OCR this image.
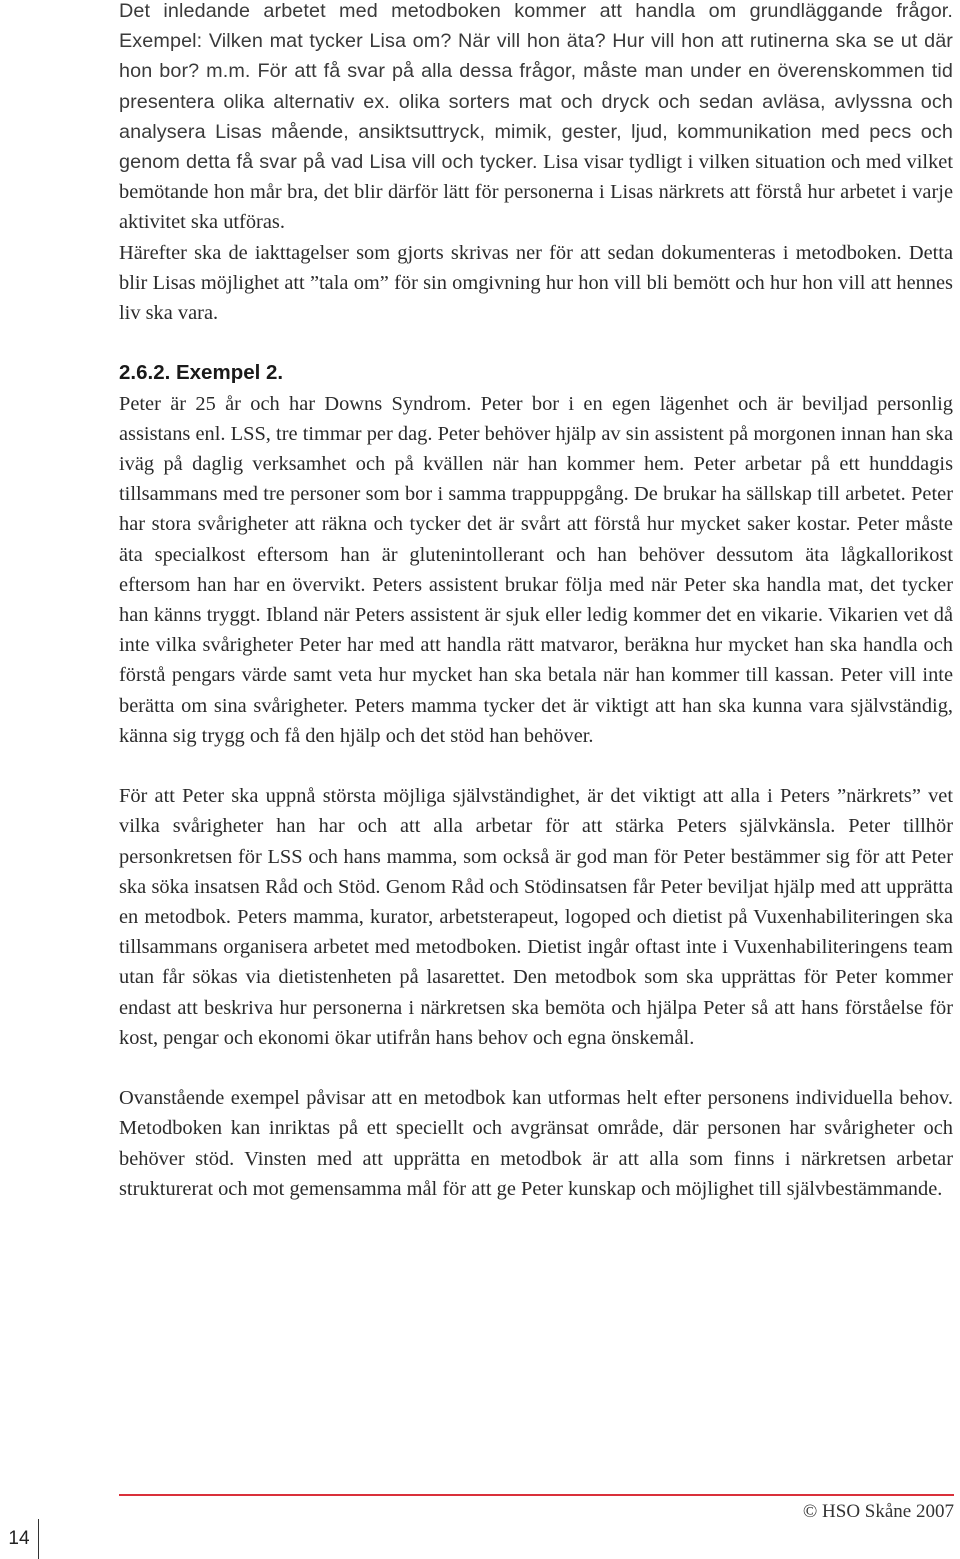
Det inledande arbetet med metodboken kommer att handla om grundläggande frågor. Exempel: Vilken mat tycker Lisa om? När vill hon äta? Hur vill hon att rutinerna ska se ut där hon bor? m.m. För att få svar på alla dessa frågor, måste man under en överenskommen tid presentera olika alternativ ex. olika sorters mat och dryck och sedan avläsa, avlyssna och analysera Lisas mående, ansiktsuttryck, mimik, gester, ljud, kommunikation med pecs och genom detta få svar på vad Lisa vill och tycker. Lisa visar tydligt i vilken situation och med vilket bemötande hon mår bra, det blir därför lätt för personerna i Lisas närkrets att förstå hur arbetet i varje aktivitet ska utföras.

Härefter ska de iakttagelser som gjorts skrivas ner för att sedan dokumenteras i metodboken. Detta blir Lisas möjlighet att ”tala om” för sin omgivning hur hon vill bli bemött och hur hon vill att hennes liv ska vara.

2.6.2. Exempel 2.

Peter är 25 år och har Downs Syndrom. Peter bor i en egen lägenhet och är beviljad personlig assistans enl. LSS, tre timmar per dag. Peter behöver hjälp av sin assistent på morgonen innan han ska iväg på daglig verksamhet och på kvällen när han kommer hem. Peter arbetar på ett hunddagis tillsammans med tre personer som bor i samma trappuppgång. De brukar ha sällskap till arbetet. Peter har stora svårigheter att räkna och tycker det är svårt att förstå hur mycket saker kostar. Peter måste äta specialkost eftersom han är glutenintollerant och han behöver dessutom äta lågkallorikost eftersom han har en övervikt. Peters assistent brukar följa med när Peter ska handla mat, det tycker han känns tryggt. Ibland när Peters assistent är sjuk eller ledig kommer det en vikarie. Vikarien vet då inte vilka svårigheter Peter har med att handla rätt matvaror, beräkna hur mycket han ska handla och förstå pengars värde samt veta hur mycket han ska betala när han kommer till kassan. Peter vill inte berätta om sina svårigheter. Peters mamma tycker det är viktigt att han ska kunna vara självständig, känna sig trygg och få den hjälp och det stöd han behöver.

För att Peter ska uppnå största möjliga självständighet, är det viktigt att alla i Peters ”närkrets” vet vilka svårigheter han har och att alla arbetar för att stärka Peters självkänsla. Peter tillhör personkretsen för LSS och hans mamma, som också är god man för Peter bestämmer sig för att Peter ska söka insatsen Råd och Stöd. Genom Råd och Stödinsatsen får Peter beviljat hjälp med att upprätta en metodbok. Peters mamma, kurator, arbetsterapeut, logoped och dietist på Vuxenhabiliteringen ska tillsammans organisera arbetet med metodboken. Dietist ingår oftast inte i Vuxenhabiliteringens team utan får sökas via dietistenheten på lasarettet. Den metodbok som ska upprättas för Peter kommer endast att beskriva hur personerna i närkretsen ska bemöta och hjälpa Peter så att hans förståelse för kost, pengar och ekonomi ökar utifrån hans behov och egna önskemål.

Ovanstående exempel påvisar att en metodbok kan utformas helt efter personens individuella behov. Metodboken kan inriktas på ett speciellt och avgränsat område, där personen har svårigheter och behöver stöd. Vinsten med att upprätta en metodbok är att alla som finns i närkretsen arbetar strukturerat och mot gemensamma mål för att ge Peter kunskap och möjlighet till självbestämmande.

© HSO Skåne 2007
14
